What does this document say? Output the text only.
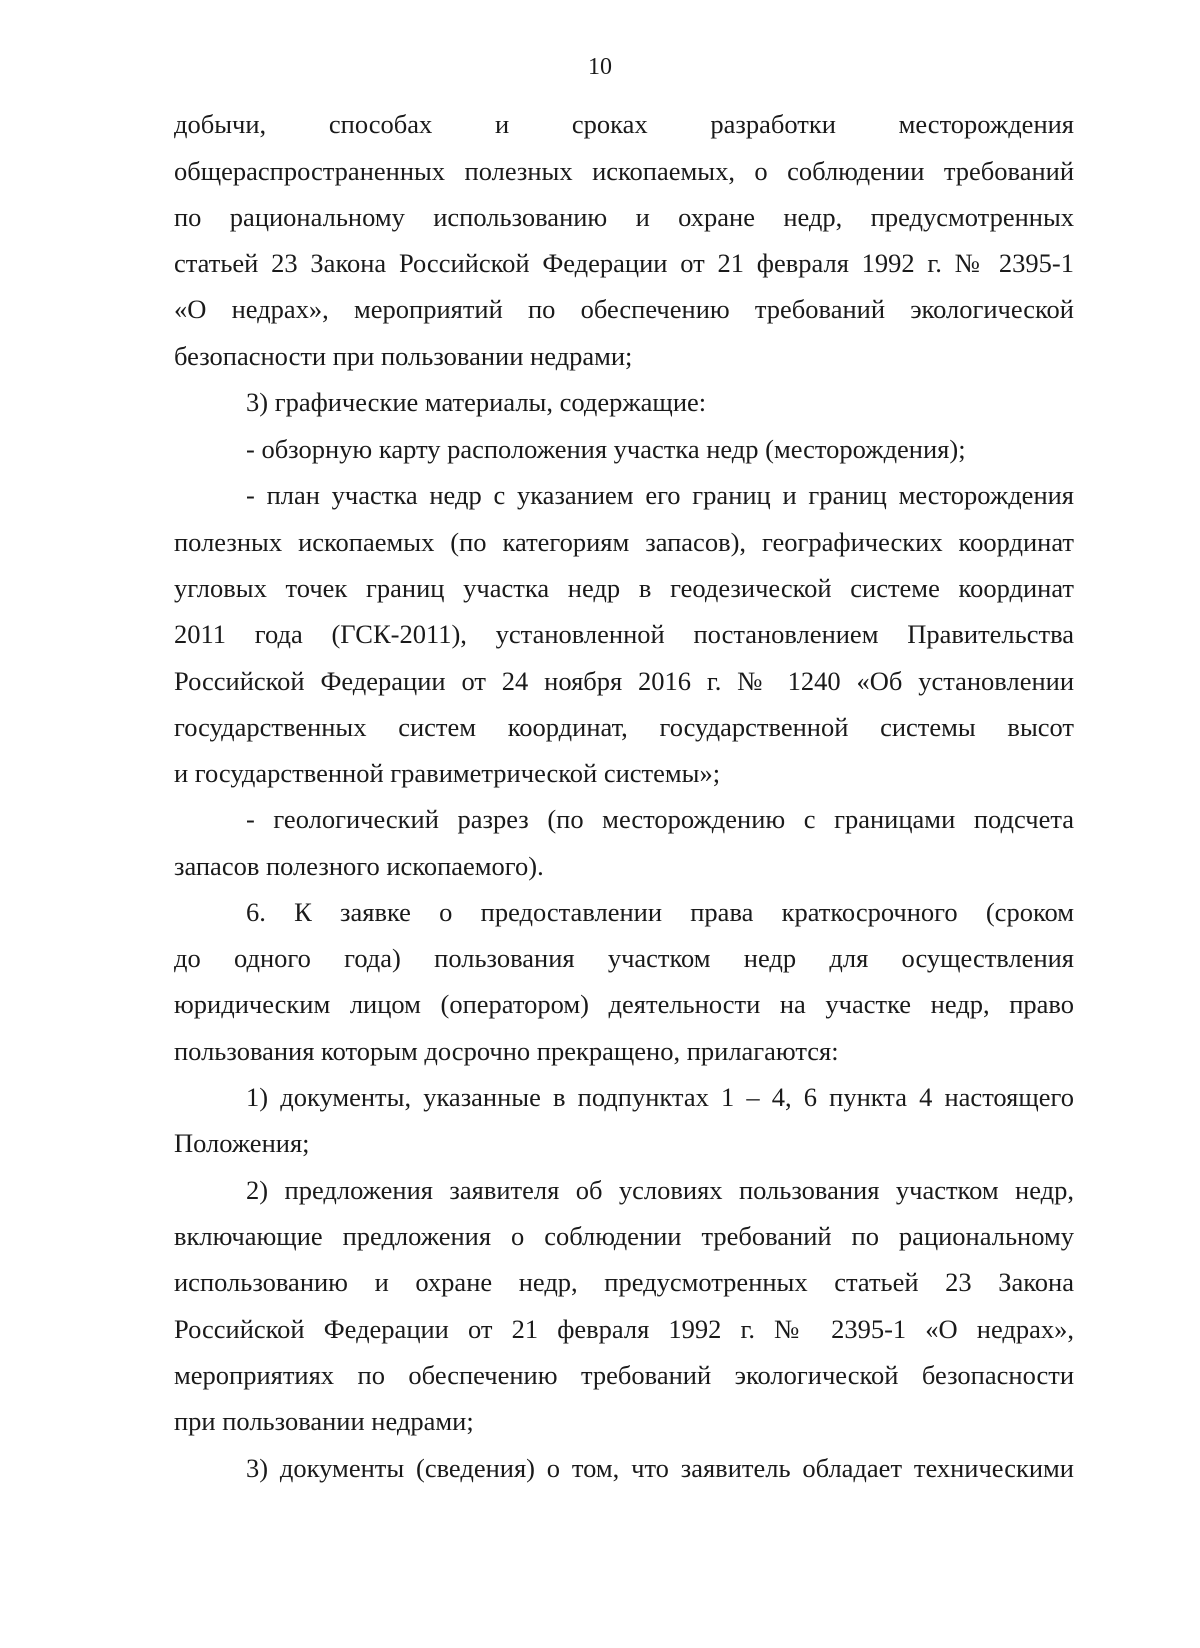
10
добычи, способах и сроках разработки месторождения
общераспространенных полезных ископаемых, о соблюдении требований
по рациональному использованию и охране недр, предусмотренных
статьей 23 Закона Российской Федерации от 21 февраля 1992 г. № 2395-1
«О недрах», мероприятий по обеспечению требований экологической
безопасности при пользовании недрами;
3) графические материалы, содержащие:
- обзорную карту расположения участка недр (месторождения);
- план участка недр с указанием его границ и границ месторождения
полезных ископаемых (по категориям запасов), географических координат
угловых точек границ участка недр в геодезической системе координат
2011 года (ГСК-2011), установленной постановлением Правительства
Российской Федерации от 24 ноября 2016 г. № 1240 «Об установлении
государственных систем координат, государственной системы высот
и государственной гравиметрической системы»;
- геологический разрез (по месторождению с границами подсчета
запасов полезного ископаемого).
6. К заявке о предоставлении права краткосрочного (сроком
до одного года) пользования участком недр для осуществления
юридическим лицом (оператором) деятельности на участке недр, право
пользования которым досрочно прекращено, прилагаются:
1) документы, указанные в подпунктах 1 – 4, 6 пункта 4 настоящего
Положения;
2) предложения заявителя об условиях пользования участком недр,
включающие предложения о соблюдении требований по рациональному
использованию и охране недр, предусмотренных статьей 23 Закона
Российской Федерации от 21 февраля 1992 г. № 2395-1 «О недрах»,
мероприятиях по обеспечению требований экологической безопасности
при пользовании недрами;
3) документы (сведения) о том, что заявитель обладает техническими
